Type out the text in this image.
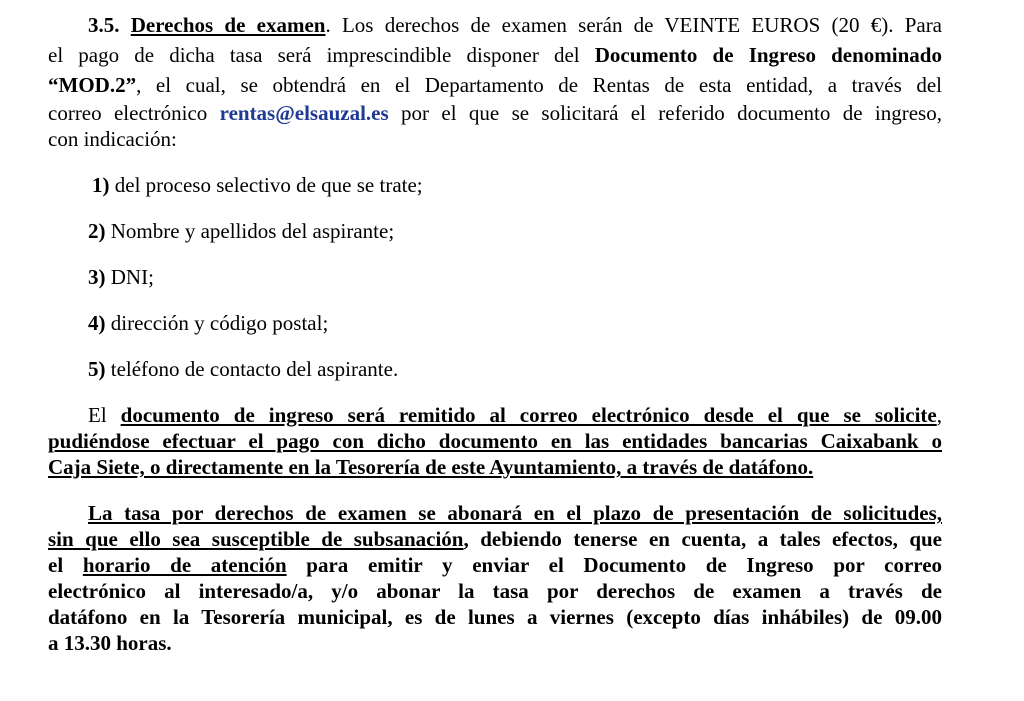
3.5. Derechos de examen. Los derechos de examen serán de VEINTE EUROS (20 €). Para
el pago de dicha tasa será imprescindible disponer del Documento de Ingreso denominado
“MOD.2”, el cual, se obtendrá en el Departamento de Rentas de esta entidad, a través del
correo electrónico rentas@elsauzal.es por el que se solicitará el referido documento de ingreso,
con indicación:
1) del proceso selectivo de que se trate;
2) Nombre y apellidos del aspirante;
3) DNI;
4) dirección y código postal;
5) teléfono de contacto del aspirante.
El documento de ingreso será remitido al correo electrónico desde el que se solicite,
pudiéndose efectuar el pago con dicho documento en las entidades bancarias Caixabank o
Caja Siete, o directamente en la Tesorería de este Ayuntamiento, a través de datáfono.
La tasa por derechos de examen se abonará en el plazo de presentación de solicitudes,
sin que ello sea susceptible de subsanación, debiendo tenerse en cuenta, a tales efectos, que
el horario de atención para emitir y enviar el Documento de Ingreso por correo
electrónico al interesado/a, y/o abonar la tasa por derechos de examen a través de
datáfono en la Tesorería municipal, es de lunes a viernes (excepto días inhábiles) de 09.00
a 13.30 horas.
